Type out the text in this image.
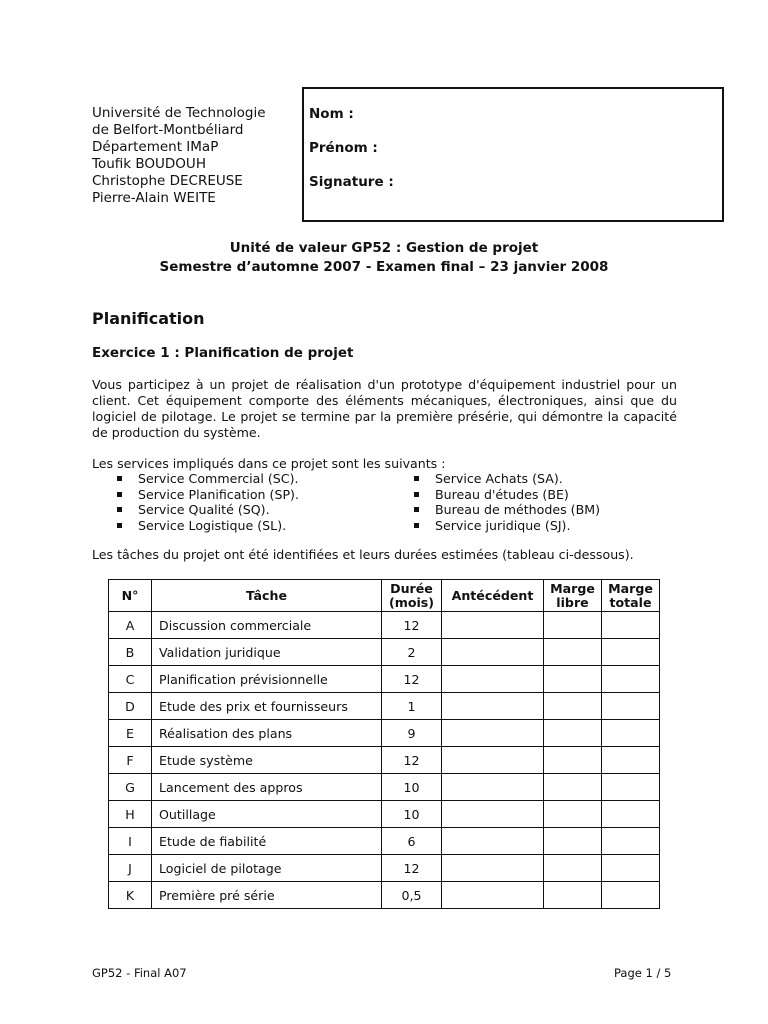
Université de Technologie
de Belfort-Montbéliard
Département IMaP
Toufik BOUDOUH
Christophe DECREUSE
Pierre-Alain WEITE
Nom :
Prénom :
Signature :
Unité de valeur GP52 : Gestion de projet
Semestre d’automne 2007 - Examen final – 23 janvier 2008
Planification
Exercice 1 : Planification de projet
Vous participez à un projet de réalisation d'un prototype d'équipement industriel pour un client. Cet équipement comporte des éléments mécaniques, électroniques, ainsi que du logiciel de pilotage. Le projet se termine par la première présérie, qui démontre la capacité de production du système.
Les services impliqués dans ce projet sont les suivants :
Service Commercial (SC).
Service Planification (SP).
Service Qualité (SQ).
Service Logistique (SL).
Service Achats (SA).
Bureau d'études (BE)
Bureau de méthodes (BM)
Service juridique (SJ).
Les tâches du projet ont été identifiées et leurs durées estimées (tableau ci-dessous).
N°	Tâche	Durée (mois)	Antécédent	Marge libre	Marge totale
A	Discussion commerciale	12			
B	Validation juridique	2			
C	Planification prévisionnelle	12			
D	Etude des prix et fournisseurs	1			
E	Réalisation des plans	9			
F	Etude système	12			
G	Lancement des appros	10			
H	Outillage	10			
I	Etude de fiabilité	6			
J	Logiciel de pilotage	12			
K	Première pré série	0,5			
GP52 - Final A07	Page 1 / 5
